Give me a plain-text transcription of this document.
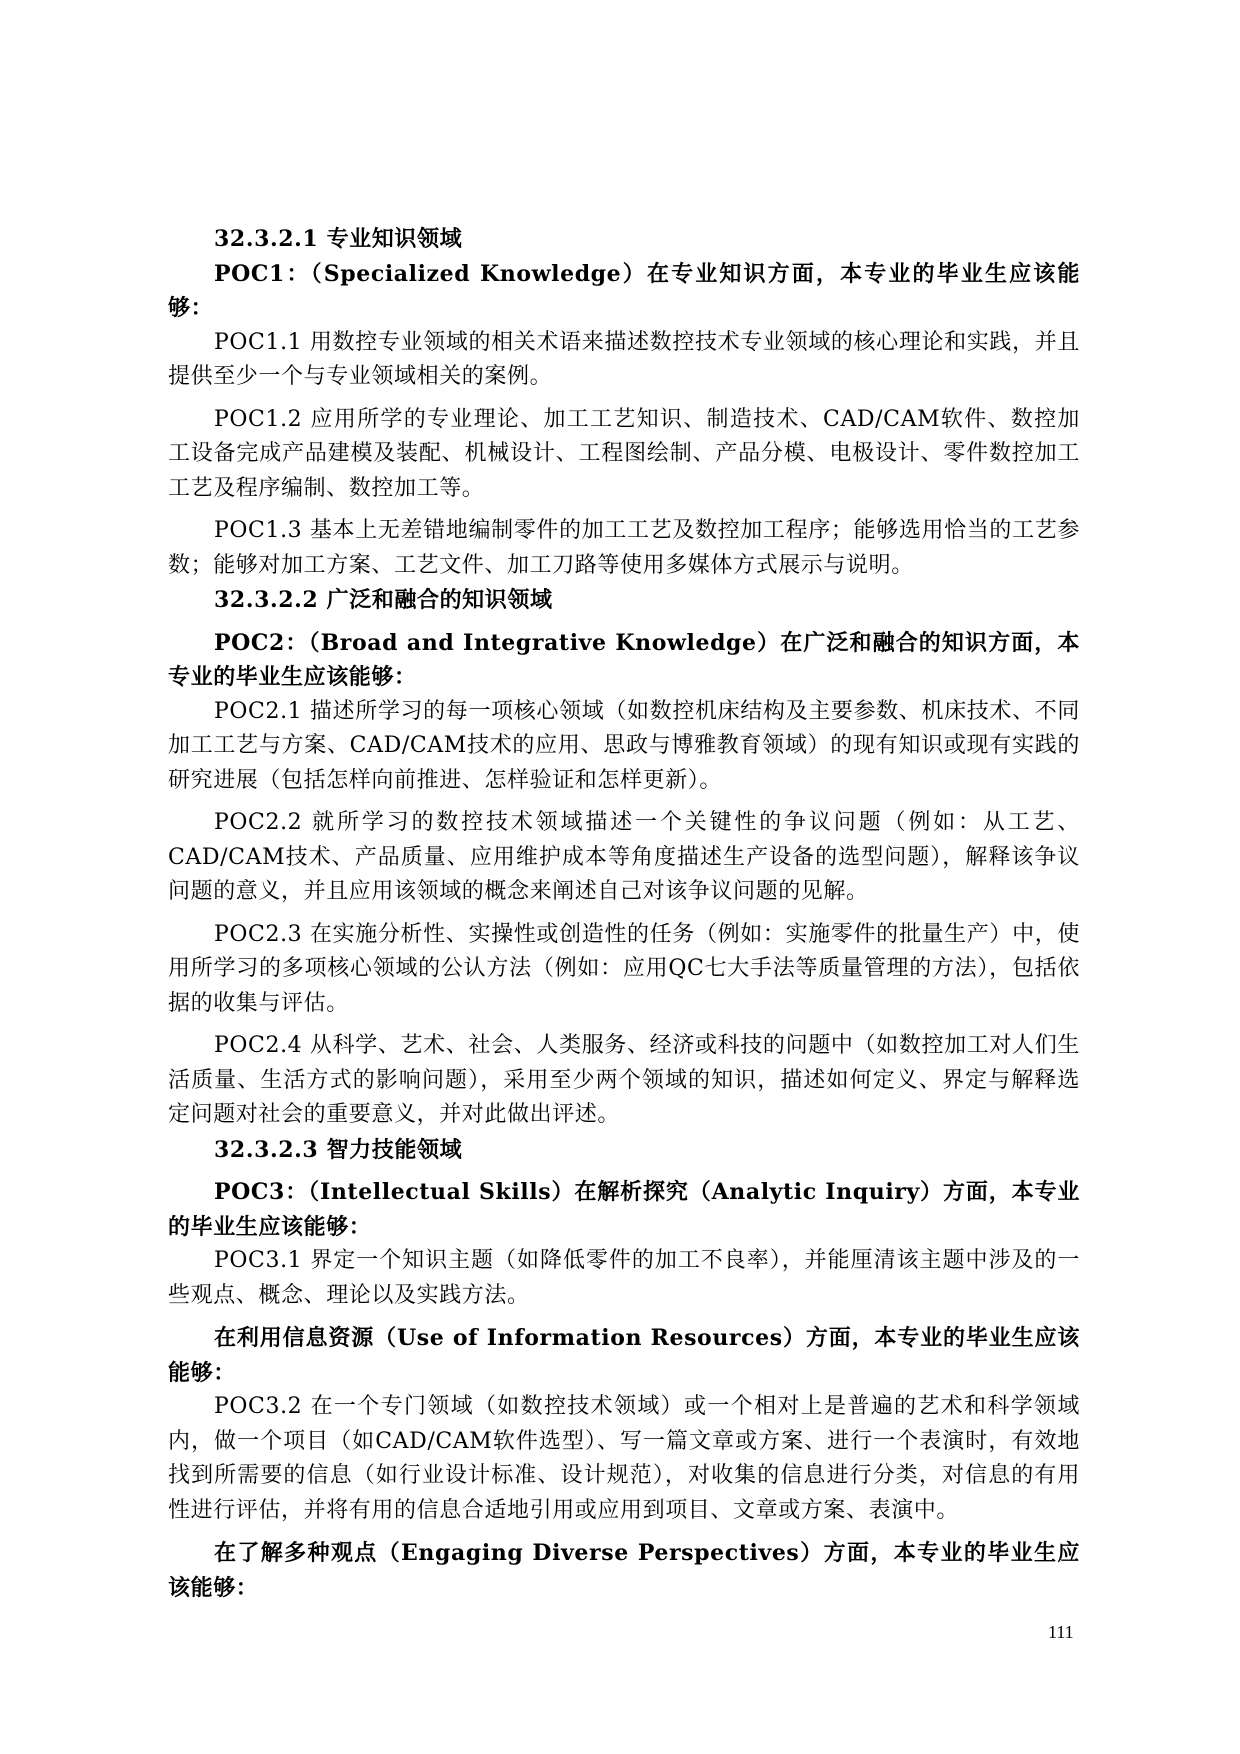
32.3.2.1 专业知识领域

POC1：（Specialized Knowledge）在专业知识方面，本专业的毕业生应该能够：

POC1.1 用数控专业领域的相关术语来描述数控技术专业领域的核心理论和实践，并且提供至少一个与专业领域相关的案例。

POC1.2 应用所学的专业理论、加工工艺知识、制造技术、CAD/CAM软件、数控加工设备完成产品建模及装配、机械设计、工程图绘制、产品分模、电极设计、零件数控加工工艺及程序编制、数控加工等。

POC1.3 基本上无差错地编制零件的加工工艺及数控加工程序；能够选用恰当的工艺参数；能够对加工方案、工艺文件、加工刀路等使用多媒体方式展示与说明。

32.3.2.2 广泛和融合的知识领域

POC2：（Broad and Integrative Knowledge）在广泛和融合的知识方面，本专业的毕业生应该能够：

POC2.1 描述所学习的每一项核心领域（如数控机床结构及主要参数、机床技术、不同加工工艺与方案、CAD/CAM技术的应用、思政与博雅教育领域）的现有知识或现有实践的研究进展（包括怎样向前推进、怎样验证和怎样更新）。

POC2.2 就所学习的数控技术领域描述一个关键性的争议问题（例如：从工艺、CAD/CAM技术、产品质量、应用维护成本等角度描述生产设备的选型问题），解释该争议问题的意义，并且应用该领域的概念来阐述自己对该争议问题的见解。

POC2.3 在实施分析性、实操性或创造性的任务（例如：实施零件的批量生产）中，使用所学习的多项核心领域的公认方法（例如：应用QC七大手法等质量管理的方法），包括依据的收集与评估。

POC2.4 从科学、艺术、社会、人类服务、经济或科技的问题中（如数控加工对人们生活质量、生活方式的影响问题），采用至少两个领域的知识，描述如何定义、界定与解释选定问题对社会的重要意义，并对此做出评述。

32.3.2.3 智力技能领域

POC3：（Intellectual Skills）在解析探究（Analytic Inquiry）方面，本专业的毕业生应该能够：

POC3.1 界定一个知识主题（如降低零件的加工不良率），并能厘清该主题中涉及的一些观点、概念、理论以及实践方法。

在利用信息资源（Use of Information Resources）方面，本专业的毕业生应该能够：

POC3.2 在一个专门领域（如数控技术领域）或一个相对上是普遍的艺术和科学领域内，做一个项目（如CAD/CAM软件选型）、写一篇文章或方案、进行一个表演时，有效地找到所需要的信息（如行业设计标准、设计规范），对收集的信息进行分类，对信息的有用性进行评估，并将有用的信息合适地引用或应用到项目、文章或方案、表演中。

在了解多种观点（Engaging Diverse Perspectives）方面，本专业的毕业生应该能够：

111
